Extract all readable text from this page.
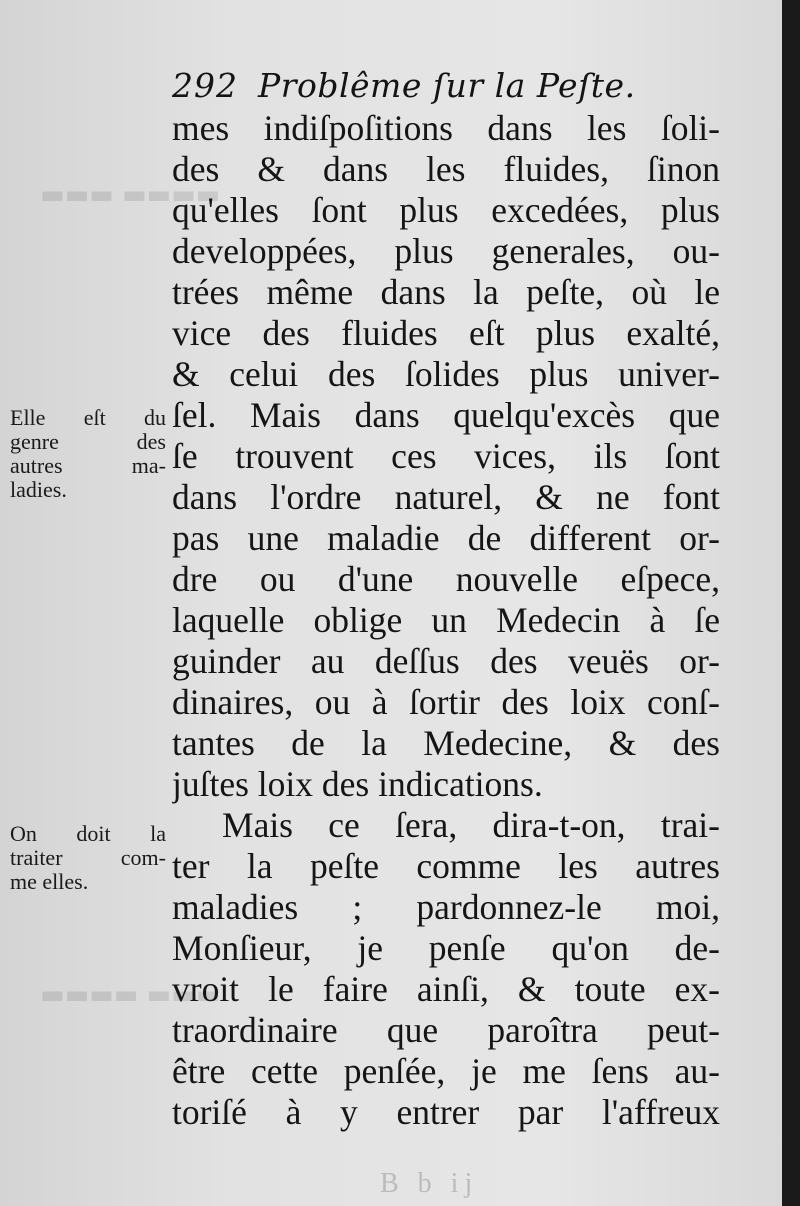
▬▬▬ ▬▬▬▬
▬▬▬▬ ▬▬▬
292 Problême ſur la Peſte.
mes indiſpoſitions dans les ſoli-
des & dans les fluides, ſinon
qu'elles ſont plus excedées, plus
developpées, plus generales, ou-
trées même dans la peſte, où le
vice des fluides eſt plus exalté,
& celui des ſolides plus univer-
ſel. Mais dans quelqu'excès que
ſe trouvent ces vices, ils ſont
dans l'ordre naturel, & ne font
pas une maladie de different or-
dre ou d'une nouvelle eſpece,
laquelle oblige un Medecin à ſe
guinder au deſſus des veuës or-
dinaires, ou à ſortir des loix conſ-
tantes de la Medecine, & des
juſtes loix des indications.
Mais ce ſera, dira-t-on, trai-
ter la peſte comme les autres
maladies ; pardonnez-le moi,
Monſieur, je penſe qu'on de-
vroit le faire ainſi, & toute ex-
traordinaire que paroîtra peut-
être cette penſée, je me ſens au-
toriſé à y entrer par l'affreux
Elle eſt du
genre des
autres ma-
ladies.
On doit la
traiter com-
me elles.
B b ij
